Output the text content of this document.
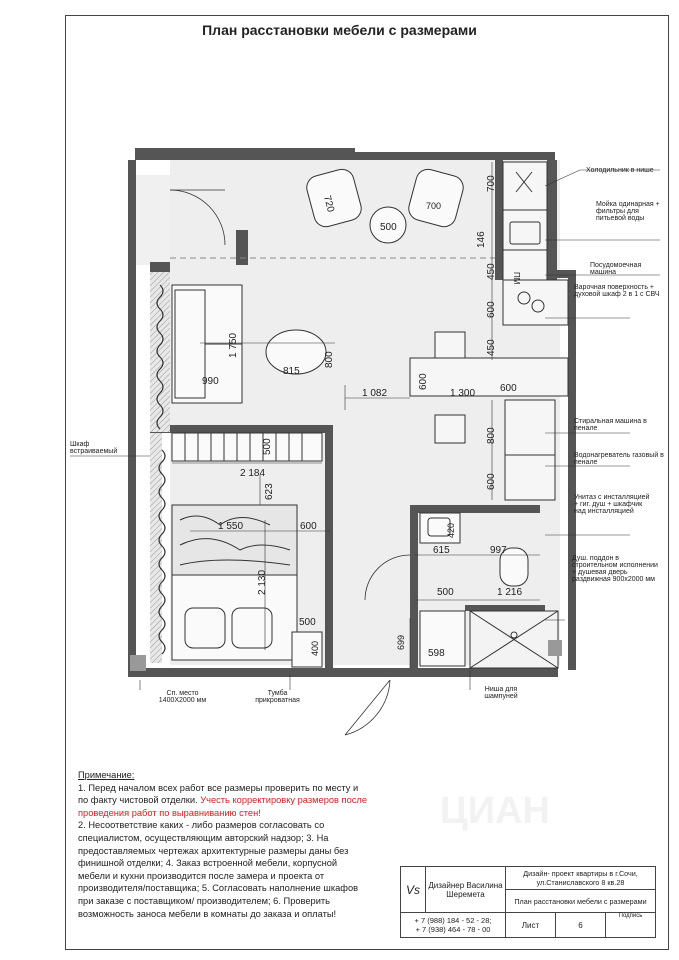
План расстановки мебели с размерами
500
720	700
700
146
450
600
450
1 750
990
815
800
1 082
600
1 300 600
800
600
500
2 184
623
1 550	600
2 130
500
400
420
615	997
500	1 216
699
598
ПМ
Холодильник в нише
Мойка одинарная + фильтры для питьевой воды
Посудомоечная машина
Варочная поверхность + духовой шкаф 2 в 1 с СВЧ
Стиральная машина в пенале
Водонагреватель газовый в пенале
Унитаз с инсталляцией + гиг. душ + шкафчик над инсталляцией
Душ. поддон в строительном исполнении + душевая дверь раздвижная 900x2000 мм
Шкаф встраиваемый
Сп. место 1400X2000 мм
Тумба прикроватная
Ниша для шампуней
Примечание:
1. Перед началом всех работ все размеры проверить по месту и по факту чистовой отделки. Учесть корректировку размеров после проведения работ по выравниванию стен!
2. Несоответствие каких - либо размеров согласовать со специалистом, осуществляющим авторский надзор; 3. На предоставляемых чертежах архитектурные размеры даны без финишной отделки; 4. Заказ встроенной мебели, корпусной мебели и кухни производится после замера и проекта от производителя/поставщика; 5. Согласовать наполнение шкафов при заказе с поставщиком/ производителем; 6. Проверить возможность заноса мебели в комнаты до заказа и оплаты!
ЦИАН
Vs	Дизайнер Василина Шеремета	Дизайн- проект квартиры в г.Сочи, ул.Станиславского 8 кв.28		
		План расстановки мебели с размерами		

+ 7 (988) 184 - 52 - 28;
+ 7 (938) 464 - 78 - 00		Лист	6	Подпись
